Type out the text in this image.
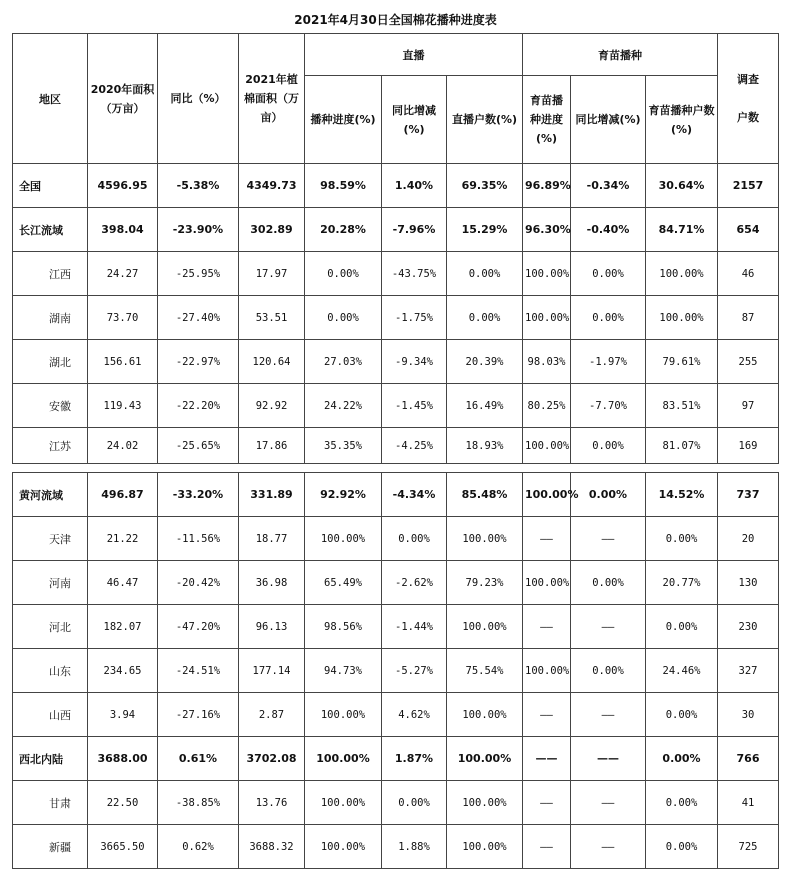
2021年4月30日全国棉花播种进度表
地区	2020年面积（万亩）	同比（%）	2021年植棉面积（万亩）	直播			育苗播种			调查

户数
				播种进度(%)	同比增减(%)	直播户数(%)	育苗播种进度(%)	同比增减(%)	育苗播种户数(%)	
全国	4596.95	-5.38%	4349.73	98.59%	1.40%	69.35%	96.89%	-0.34%	30.64%	2157
长江流域	398.04	-23.90%	302.89	20.28%	-7.96%	15.29%	96.30%	-0.40%	84.71%	654
江西	24.27	-25.95%	17.97	0.00%	-43.75%	0.00%	100.00%	0.00%	100.00%	46
湖南	73.70	-27.40%	53.51	0.00%	-1.75%	0.00%	100.00%	0.00%	100.00%	87
湖北	156.61	-22.97%	120.64	27.03%	-9.34%	20.39%	98.03%	-1.97%	79.61%	255
安徽	119.43	-22.20%	92.92	24.22%	-1.45%	16.49%	80.25%	-7.70%	83.51%	97
江苏	24.02	-25.65%	17.86	35.35%	-4.25%	18.93%	100.00%	0.00%	81.07%	169

黄河流域	496.87	-33.20%	331.89	92.92%	-4.34%	85.48%	100.00%	0.00%	14.52%	737
天津	21.22	-11.56%	18.77	100.00%	0.00%	100.00%	——	——	0.00%	20
河南	46.47	-20.42%	36.98	65.49%	-2.62%	79.23%	100.00%	0.00%	20.77%	130
河北	182.07	-47.20%	96.13	98.56%	-1.44%	100.00%	——	——	0.00%	230
山东	234.65	-24.51%	177.14	94.73%	-5.27%	75.54%	100.00%	0.00%	24.46%	327
山西	3.94	-27.16%	2.87	100.00%	4.62%	100.00%	——	——	0.00%	30
西北内陆	3688.00	0.61%	3702.08	100.00%	1.87%	100.00%	——	——	0.00%	766
甘肃	22.50	-38.85%	13.76	100.00%	0.00%	100.00%	——	——	0.00%	41
新疆	3665.50	0.62%	3688.32	100.00%	1.88%	100.00%	——	——	0.00%	725
